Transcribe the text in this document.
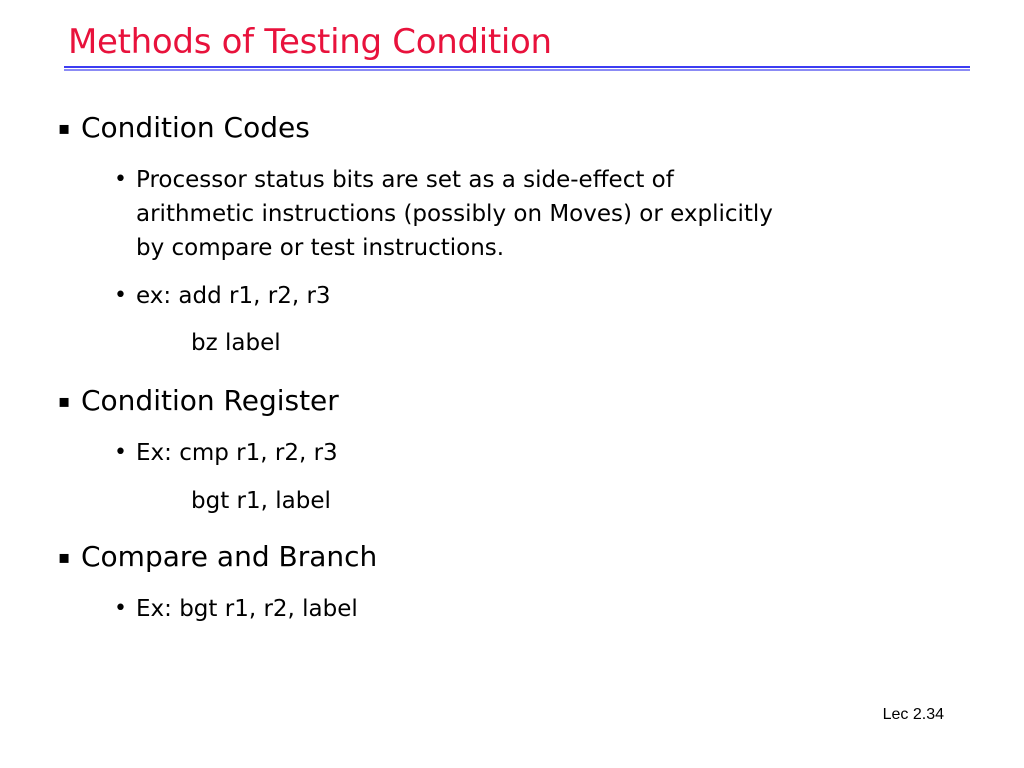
Methods of Testing Condition
▪ Condition Codes
• Processor status bits are set as a side-effect of
arithmetic instructions (possibly on Moves) or explicitly
by compare or test instructions.
• ex: add r1, r2, r3
bz label
▪ Condition Register
• Ex: cmp r1, r2, r3
bgt r1, label
▪ Compare and Branch
• Ex: bgt r1, r2, label
Lec 2.34
